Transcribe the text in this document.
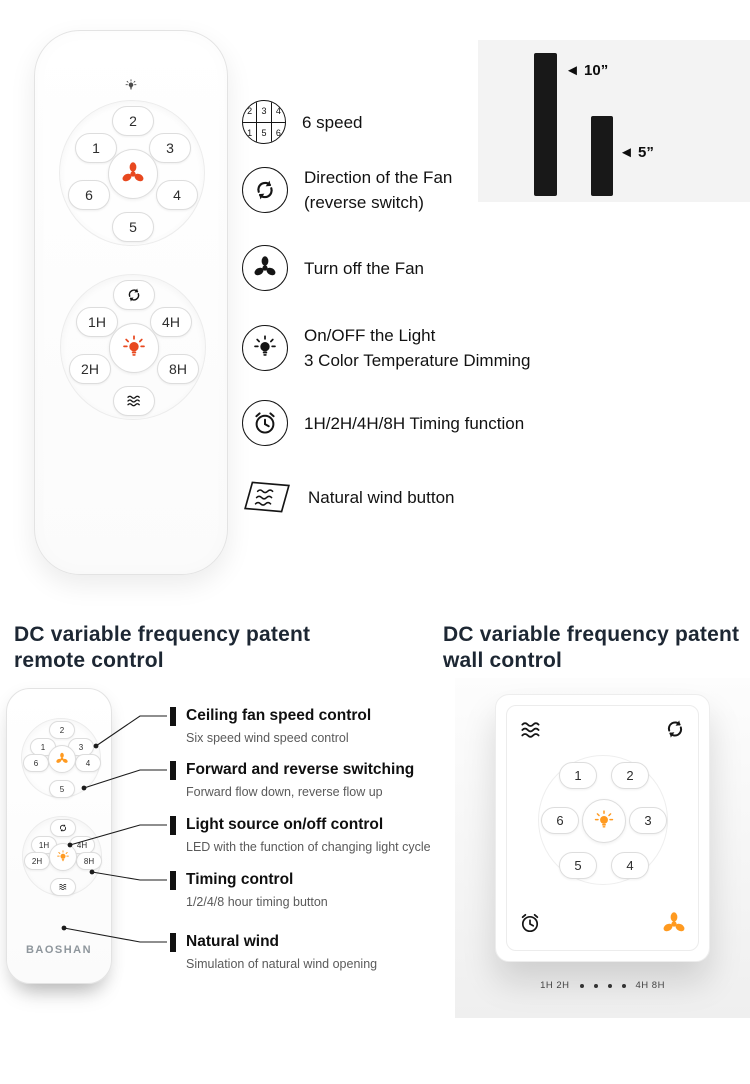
2
1	3
6	4
5
1H	4H
2H	8H
2	3	4
1	5	6
6 speed
Direction of the Fan
(reverse switch)
Turn off the Fan
On/OFF the Light
3 Color Temperature Dimming
1H/2H/4H/8H Timing function
Natural wind button
◄ 10”
◄ 5”
DC variable frequency patent
remote control
DC variable frequency patent
wall control
2
1	3
6	4
5
1H	4H
2H	8H
BAOSHAN
Ceiling fan speed control
Six speed wind speed control
Forward and reverse switching
Forward flow down, reverse flow up
Light source on/off control
LED with the function of changing light cycle
Timing control
1/2/4/8 hour timing button
Natural wind
Simulation of natural wind opening
1	2
6	3
5	4
1H 2H	4H 8H
